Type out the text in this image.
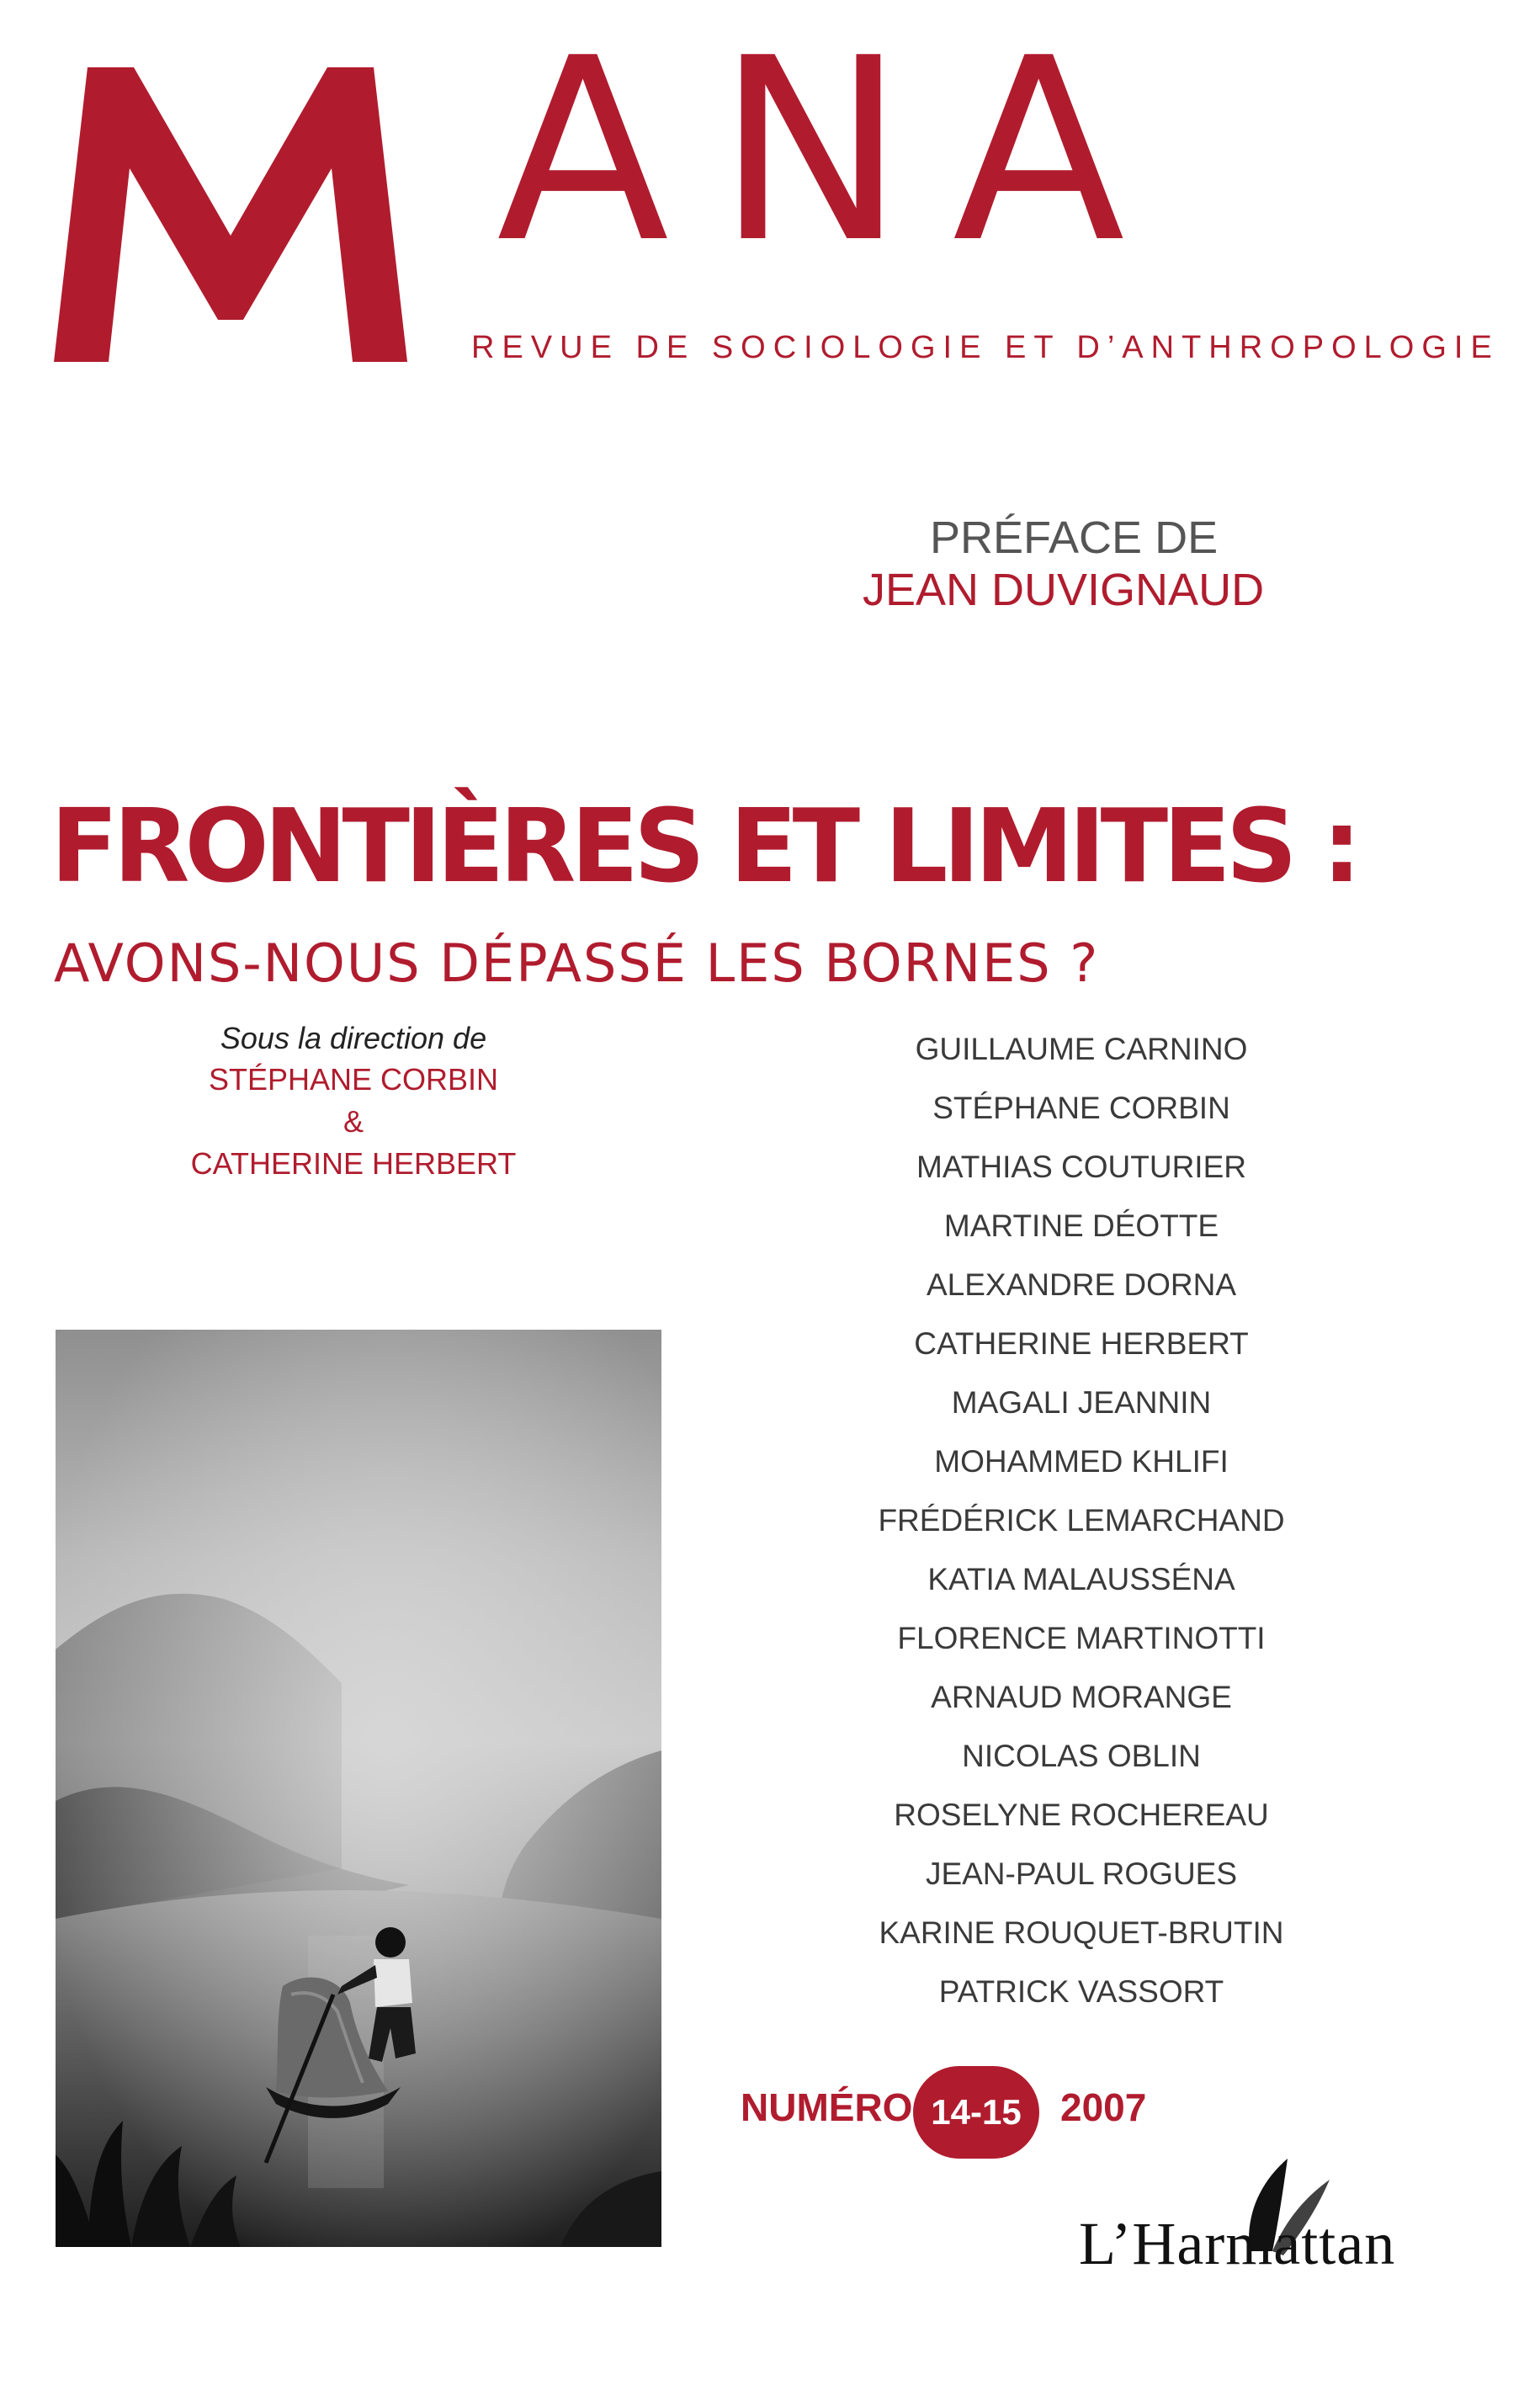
ANA
REVUE DE SOCIOLOGIE ET D’ANTHROPOLOGIE
PRÉFACE DE
JEAN DUVIGNAUD
FRONTIÈRES ET LIMITES :
AVONS-NOUS DÉPASSÉ LES BORNES ?
Sous la direction de
STÉPHANE CORBIN
&
CATHERINE HERBERT
GUILLAUME CARNINO
STÉPHANE CORBIN
MATHIAS COUTURIER
MARTINE DÉOTTE
ALEXANDRE DORNA
CATHERINE HERBERT
MAGALI JEANNIN
MOHAMMED KHLIFI
FRÉDÉRICK LEMARCHAND
KATIA MALAUSSÉNA
FLORENCE MARTINOTTI
ARNAUD MORANGE
NICOLAS OBLIN
ROSELYNE ROCHEREAU
JEAN-PAUL ROGUES
KARINE ROUQUET-BRUTIN
PATRICK VASSORT
NUMÉRO 14-15 2007
L’Harmattan
